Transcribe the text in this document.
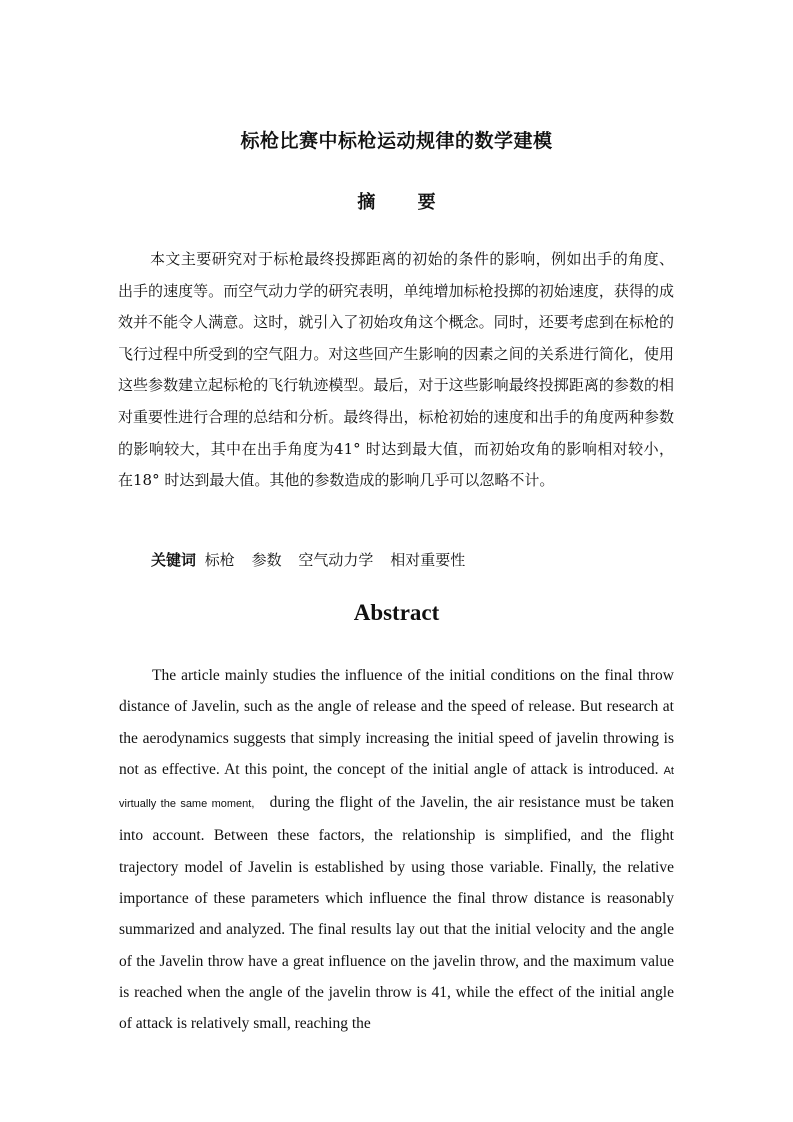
标枪比赛中标枪运动规律的数学建模
摘 要

本文主要研究对于标枪最终投掷距离的初始的条件的影响，例如出手的角度、出手的速度等。而空气动力学的研究表明，单纯增加标枪投掷的初始速度，获得的成效并不能令人满意。这时，就引入了初始攻角这个概念。同时，还要考虑到在标枪的飞行过程中所受到的空气阻力。对这些回产生影响的因素之间的关系进行简化，使用这些参数建立起标枪的飞行轨迹模型。最后，对于这些影响最终投掷距离的参数的相对重要性进行合理的总结和分析。最终得出，标枪初始的速度和出手的角度两种参数的影响较大，其中在出手角度为41° 时达到最大值，而初始攻角的影响相对较小，在18° 时达到最大值。其他的参数造成的影响几乎可以忽略不计。

关键词 标枪 参数 空气动力学 相对重要性
Abstract

The article mainly studies the influence of the initial conditions on the final throw distance of Javelin, such as the angle of release and the speed of release. But research at the aerodynamics suggests that simply increasing the initial speed of javelin throwing is not as effective. At this point, the concept of the initial angle of attack is introduced. At virtually the same moment, during the flight of the Javelin, the air resistance must be taken into account. Between these factors, the relationship is simplified, and the flight trajectory model of Javelin is established by using those variable. Finally, the relative importance of these parameters which influence the final throw distance is reasonably summarized and analyzed. The final results lay out that the initial velocity and the angle of the Javelin throw have a great influence on the javelin throw, and the maximum value is reached when the angle of the javelin throw is 41, while the effect of the initial angle of attack is relatively small, reaching the
